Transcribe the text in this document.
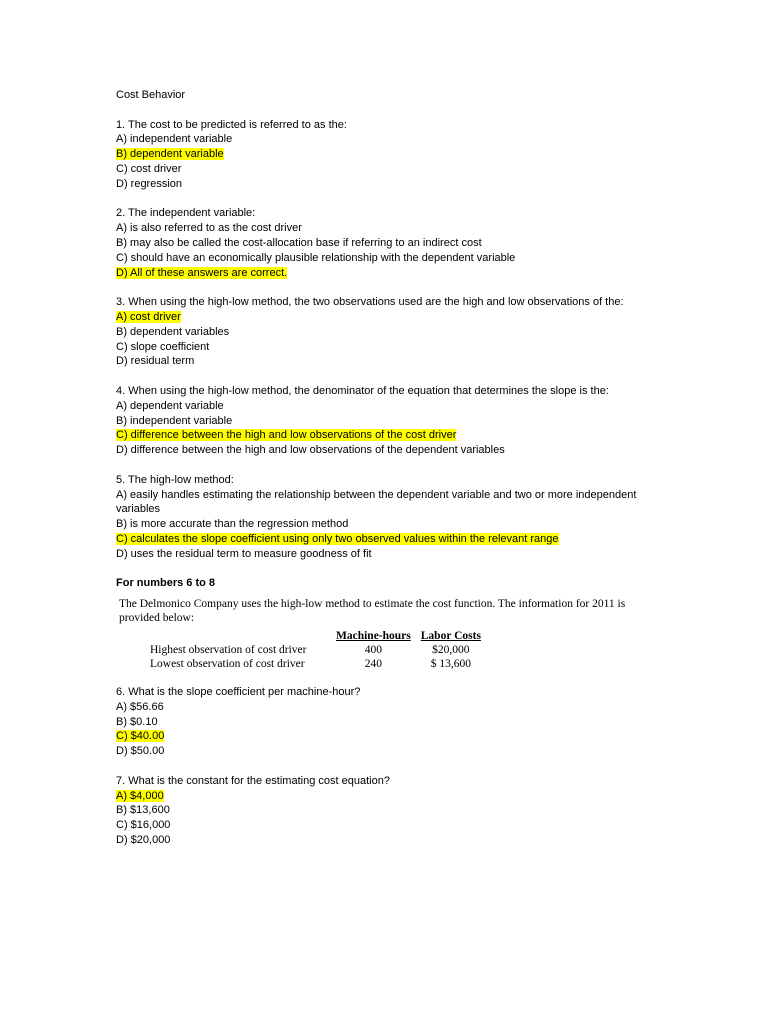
Cost Behavior
1. The cost to be predicted is referred to as the:
A) independent variable
B) dependent variable
C) cost driver
D) regression
2. The independent variable:
A) is also referred to as the cost driver
B) may also be called the cost-allocation base if referring to an indirect cost
C) should have an economically plausible relationship with the dependent variable
D) All of these answers are correct.
3. When using the high-low method, the two observations used are the high and low observations of the:
A) cost driver
B) dependent variables
C) slope coefficient
D) residual term
4. When using the high-low method, the denominator of the equation that determines the slope is the:
A) dependent variable
B) independent variable
C) difference between the high and low observations of the cost driver
D) difference between the high and low observations of the dependent variables
5. The high-low method:
A) easily handles estimating the relationship between the dependent variable and two or more independent variables
B) is more accurate than the regression method
C) calculates the slope coefficient using only two observed values within the relevant range
D) uses the residual term to measure goodness of fit
For numbers 6 to 8

The Delmonico Company uses the high-low method to estimate the cost function. The information for 2011 is provided below:

	Machine-hours	Labor Costs
Highest observation of cost driver	400	$20,000
Lowest observation of cost driver	240	$ 13,600
6. What is the slope coefficient per machine-hour?
A) $56.66
B) $0.10
C) $40.00
D) $50.00
7. What is the constant for the estimating cost equation?
A) $4,000
B) $13,600
C) $16,000
D) $20,000
